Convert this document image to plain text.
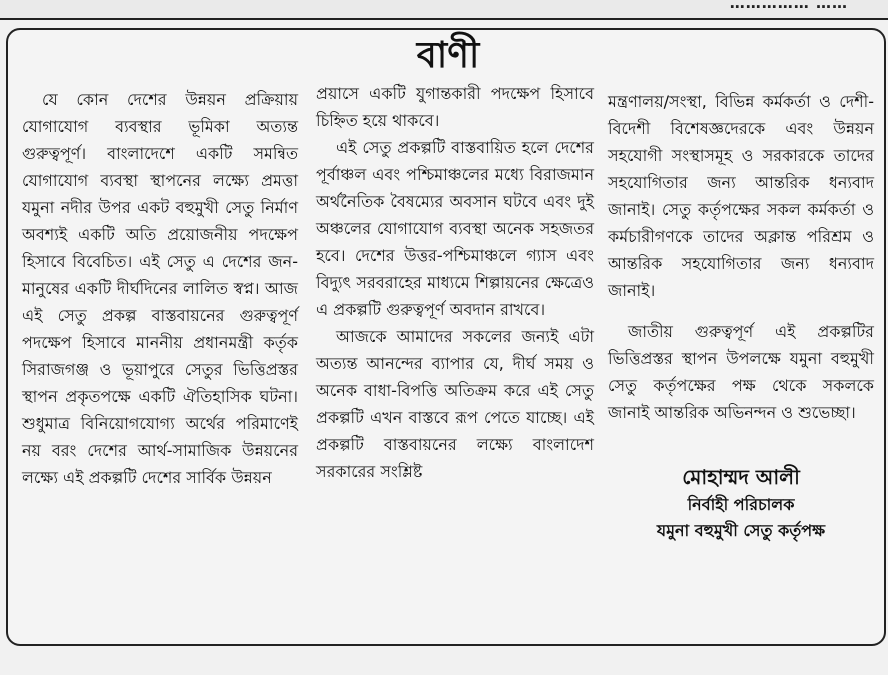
…………… ……
বাণী

যে কোন দেশের উন্নয়ন প্রক্রিয়ায় যোগাযোগ ব্যবস্থার ভূমিকা অত্যন্ত গুরুত্বপূর্ণ। বাংলাদেশে একটি সমন্বিত যোগাযোগ ব্যবস্থা স্থাপনের লক্ষ্যে প্রমত্তা যমুনা নদীর উপর একট বহুমুখী সেতু নির্মাণ অবশ্যই একটি অতি প্রয়োজনীয় পদক্ষেপ হিসাবে বিবেচিত। এই সেতু এ দেশের জন-মানুষের একটি দীর্ঘদিনের লালিত স্বপ্ন। আজ এই সেতু প্রকল্প বাস্তবায়নের গুরুত্বপূর্ণ পদক্ষেপ হিসাবে মাননীয় প্রধানমন্ত্রী কর্তৃক সিরাজগঞ্জ ও ভূয়াপুরে সেতুর ভিত্তিপ্রস্তর স্থাপন প্রকৃতপক্ষে একটি ঐতিহাসিক ঘটনা। শুধুমাত্র বিনিয়োগযোগ্য অর্থের পরিমাণেই নয় বরং দেশের আর্থ-সামাজিক উন্নয়নের লক্ষ্যে এই প্রকল্পটি দেশের সার্বিক উন্নয়ন

প্রয়াসে একটি যুগান্তকারী পদক্ষেপ হিসাবে চিহ্নিত হয়ে থাকবে।

এই সেতু প্রকল্পটি বাস্তবায়িত হলে দেশের পূর্বাঞ্চল এবং পশ্চিমাঞ্চলের মধ্যে বিরাজমান অর্থনৈতিক বৈষম্যের অবসান ঘটবে এবং দুই অঞ্চলের যোগাযোগ ব্যবস্থা অনেক সহজতর হবে। দেশের উত্তর-পশ্চিমাঞ্চলে গ্যাস এবং বিদ্যুৎ সরবরাহের মাধ্যমে শিল্পায়নের ক্ষেত্রেও এ প্রকল্পটি গুরুত্বপূর্ণ অবদান রাখবে।

আজকে আমাদের সকলের জন্যই এটা অত্যন্ত আনন্দের ব্যাপার যে, দীর্ঘ সময় ও অনেক বাধা-বিপত্তি অতিক্রম করে এই সেতু প্রকল্পটি এখন বাস্তবে রূপ পেতে যাচ্ছে। এই প্রকল্পটি বাস্তবায়নের লক্ষ্যে বাংলাদেশ সরকারের সংশ্লিষ্ট

মন্ত্রণালয়/সংস্থা, বিভিন্ন কর্মকর্তা ও দেশী-বিদেশী বিশেষজ্ঞদেরকে এবং উন্নয়ন সহযোগী সংস্থাসমূহ ও সরকারকে তাদের সহযোগিতার জন্য আন্তরিক ধন্যবাদ জানাই। সেতু কর্তৃপক্ষের সকল কর্মকর্তা ও কর্মচারীগণকে তাদের অক্লান্ত পরিশ্রম ও আন্তরিক সহযোগিতার জন্য ধন্যবাদ জানাই।

জাতীয় গুরুত্বপূর্ণ এই প্রকল্পটির ভিত্তিপ্রস্তর স্থাপন উপলক্ষে যমুনা বহুমুখী সেতু কর্তৃপক্ষের পক্ষ থেকে সকলকে জানাই আন্তরিক অভিনন্দন ও শুভেচ্ছা।

মোহাম্মদ আলী
নির্বাহী পরিচালক
যমুনা বহুমুখী সেতু কর্তৃপক্ষ
